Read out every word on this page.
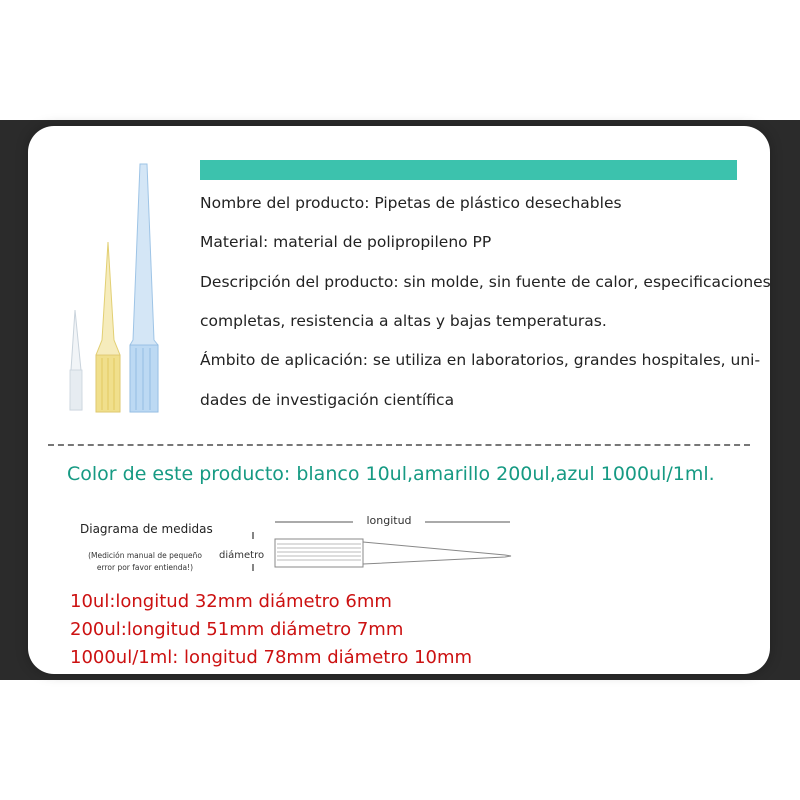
Nombre del producto: Pipetas de plástico desechables
Material: material de polipropileno PP
Descripción del producto: sin molde, sin fuente de calor, especificaciones
completas, resistencia a altas y bajas temperaturas.
Ámbito de aplicación: se utiliza en laboratorios, grandes hospitales, uni-
dades de investigación científica
Color de este producto: blanco 10ul,amarillo 200ul,azul 1000ul/1ml.
Diagrama de medidas
(Medición manual de pequeño error por favor entienda!)
longitud
diámetro
10ul:longitud 32mm diámetro 6mm
200ul:longitud 51mm diámetro 7mm
1000ul/1ml: longitud 78mm diámetro 10mm
